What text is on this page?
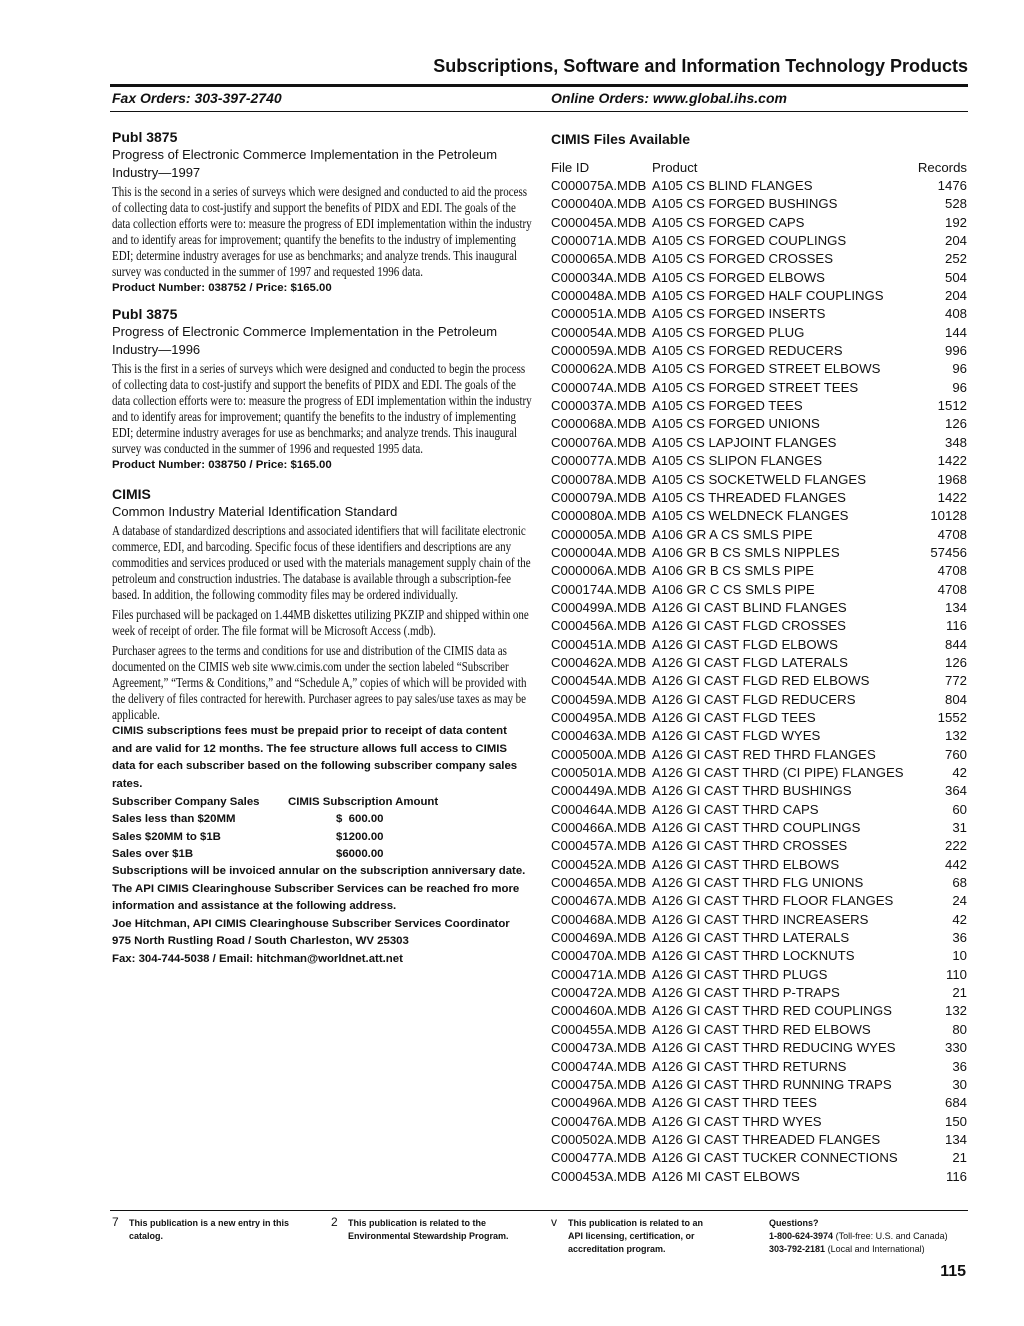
Subscriptions, Software and Information Technology Products
Fax Orders: 303-397-2740	Online Orders: www.global.ihs.com
Publ 3875
Progress of Electronic Commerce Implementation in the Petroleum Industry—1997
This is the second in a series of surveys which were designed and conducted to aid the process of collecting data to cost-justify and support the benefits of PIDX and EDI. The goals of the data collection efforts were to: measure the progress of EDI implementation within the industry and to identify areas for improvement; quantify the benefits to the industry of implementing EDI; determine industry averages for use as benchmarks; and analyze trends. This inaugural survey was conducted in the summer of 1997 and requested 1996 data.
Product Number: 038752 / Price: $165.00
Publ 3875
Progress of Electronic Commerce Implementation in the Petroleum Industry—1996
This is the first in a series of surveys which were designed and conducted to begin the process of collecting data to cost-justify and support the benefits of PIDX and EDI. The goals of the data collection efforts were to: measure the progress of EDI implementation within the industry and to identify areas for improvement; quantify the benefits to the industry of implementing EDI; determine industry averages for use as benchmarks; and analyze trends. This inaugural survey was conducted in the summer of 1996 and requested 1995 data.
Product Number: 038750 / Price: $165.00
CIMIS
Common Industry Material Identification Standard
A database of standardized descriptions and associated identifiers that will facilitate electronic commerce, EDI, and barcoding. Specific focus of these identifiers and descriptions are any commodities and services produced or used with the materials management supply chain of the petroleum and construction industries. The database is available through a subscription-fee based. In addition, the following commodity files may be ordered individually.
Files purchased will be packaged on 1.44MB diskettes utilizing PKZIP and shipped within one week of receipt of order. The file format will be Microsoft Access (.mdb).
Purchaser agrees to the terms and conditions for use and distribution of the CIMIS data as documented on the CIMIS web site www.cimis.com under the section labeled “Subscriber Agreement,” “Terms & Conditions,” and “Schedule A,” copies of which will be provided with the delivery of files contracted for herewith. Purchaser agrees to pay sales/use taxes as may be applicable.
CIMIS subscriptions fees must be prepaid prior to receipt of data content and are valid for 12 months. The fee structure allows full access to CIMIS data for each subscriber based on the following subscriber company sales rates.
Subscriber Company Sales	CIMIS Subscription Amount
Sales less than $20MM	$  600.00
Sales $20MM to $1B	$1200.00
Sales over $1B	$6000.00
Subscriptions will be invoiced annular on the subscription anniversary date. The API CIMIS Clearinghouse Subscriber Services can be reached fro more information and assistance at the following address.
Joe Hitchman, API CIMIS Clearinghouse Subscriber Services Coordinator
975 North Rustling Road / South Charleston, WV 25303
Fax: 304-744-5038 / Email: hitchman@worldnet.att.net
CIMIS Files Available
File ID	Product	Records
C000075A.MDB	A105 CS BLIND FLANGES	1476
C000040A.MDB	A105 CS FORGED BUSHINGS	528
C000045A.MDB	A105 CS FORGED CAPS	192
C000071A.MDB	A105 CS FORGED COUPLINGS	204
C000065A.MDB	A105 CS FORGED CROSSES	252
C000034A.MDB	A105 CS FORGED ELBOWS	504
C000048A.MDB	A105 CS FORGED HALF COUPLINGS	204
C000051A.MDB	A105 CS FORGED INSERTS	408
C000054A.MDB	A105 CS FORGED PLUG	144
C000059A.MDB	A105 CS FORGED REDUCERS	996
C000062A.MDB	A105 CS FORGED STREET ELBOWS	96
C000074A.MDB	A105 CS FORGED STREET TEES	96
C000037A.MDB	A105 CS FORGED TEES	1512
C000068A.MDB	A105 CS FORGED UNIONS	126
C000076A.MDB	A105 CS LAPJOINT FLANGES	348
C000077A.MDB	A105 CS SLIPON FLANGES	1422
C000078A.MDB	A105 CS SOCKETWELD FLANGES	1968
C000079A.MDB	A105 CS THREADED FLANGES	1422
C000080A.MDB	A105 CS WELDNECK FLANGES	10128
C000005A.MDB	A106 GR A CS SMLS PIPE	4708
C000004A.MDB	A106 GR B CS SMLS NIPPLES	57456
C000006A.MDB	A106 GR B CS SMLS PIPE	4708
C000174A.MDB	A106 GR C CS SMLS PIPE	4708
C000499A.MDB	A126 GI CAST BLIND FLANGES	134
C000456A.MDB	A126 GI CAST FLGD CROSSES	116
C000451A.MDB	A126 GI CAST FLGD ELBOWS	844
C000462A.MDB	A126 GI CAST FLGD LATERALS	126
C000454A.MDB	A126 GI CAST FLGD RED ELBOWS	772
C000459A.MDB	A126 GI CAST FLGD REDUCERS	804
C000495A.MDB	A126 GI CAST FLGD TEES	1552
C000463A.MDB	A126 GI CAST FLGD WYES	132
C000500A.MDB	A126 GI CAST RED THRD FLANGES	760
C000501A.MDB	A126 GI CAST THRD (CI PIPE) FLANGES	42
C000449A.MDB	A126 GI CAST THRD BUSHINGS	364
C000464A.MDB	A126 GI CAST THRD CAPS	60
C000466A.MDB	A126 GI CAST THRD COUPLINGS	31
C000457A.MDB	A126 GI CAST THRD CROSSES	222
C000452A.MDB	A126 GI CAST THRD ELBOWS	442
C000465A.MDB	A126 GI CAST THRD FLG UNIONS	68
C000467A.MDB	A126 GI CAST THRD FLOOR FLANGES	24
C000468A.MDB	A126 GI CAST THRD INCREASERS	42
C000469A.MDB	A126 GI CAST THRD LATERALS	36
C000470A.MDB	A126 GI CAST THRD LOCKNUTS	10
C000471A.MDB	A126 GI CAST THRD PLUGS	110
C000472A.MDB	A126 GI CAST THRD P-TRAPS	21
C000460A.MDB	A126 GI CAST THRD RED COUPLINGS	132
C000455A.MDB	A126 GI CAST THRD RED ELBOWS	80
C000473A.MDB	A126 GI CAST THRD REDUCING WYES	330
C000474A.MDB	A126 GI CAST THRD RETURNS	36
C000475A.MDB	A126 GI CAST THRD RUNNING TRAPS	30
C000496A.MDB	A126 GI CAST THRD TEES	684
C000476A.MDB	A126 GI CAST THRD WYES	150
C000502A.MDB	A126 GI CAST THREADED FLANGES	134
C000477A.MDB	A126 GI CAST TUCKER CONNECTIONS	21
C000453A.MDB	A126 MI CAST ELBOWS	116
7 This publication is a new entry in this catalog.
2 This publication is related to the Environmental Stewardship Program.
v This publication is related to an API licensing, certification, or accreditation program.
Questions?
1-800-624-3974 (Toll-free: U.S. and Canada)
303-792-2181 (Local and International)
115
